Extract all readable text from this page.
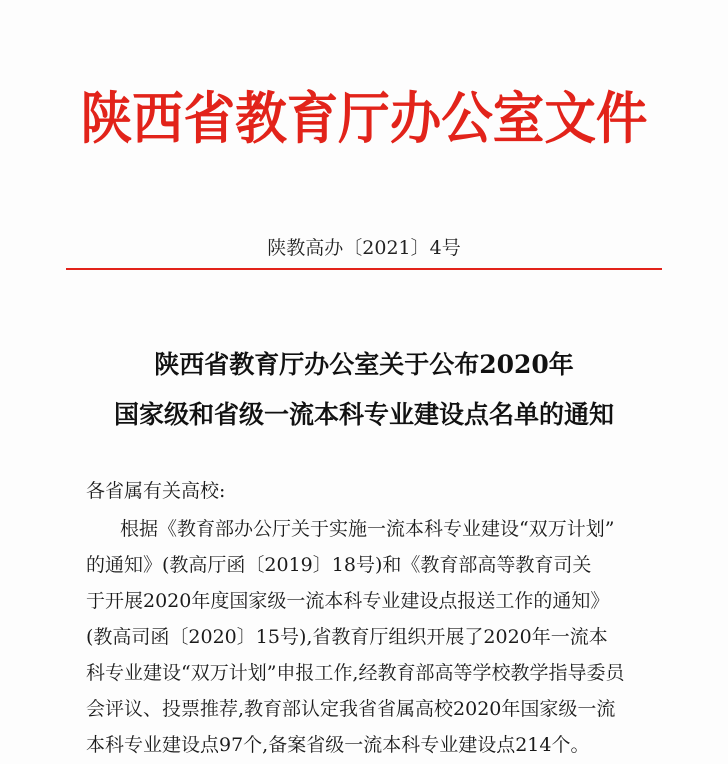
陕西省教育厅办公室文件
陕教高办〔2021〕4号
陕西省教育厅办公室关于公布2020年
国家级和省级一流本科专业建设点名单的通知
各省属有关高校:
根据《教育部办公厅关于实施一流本科专业建设“双万计划”
的通知》(教高厅函〔2019〕18号)和《教育部高等教育司关
于开展2020年度国家级一流本科专业建设点报送工作的通知》
(教高司函〔2020〕15号),省教育厅组织开展了2020年一流本
科专业建设“双万计划”申报工作,经教育部高等学校教学指导委员
会评议、投票推荐,教育部认定我省省属高校2020年国家级一流
本科专业建设点97个,备案省级一流本科专业建设点214个。
